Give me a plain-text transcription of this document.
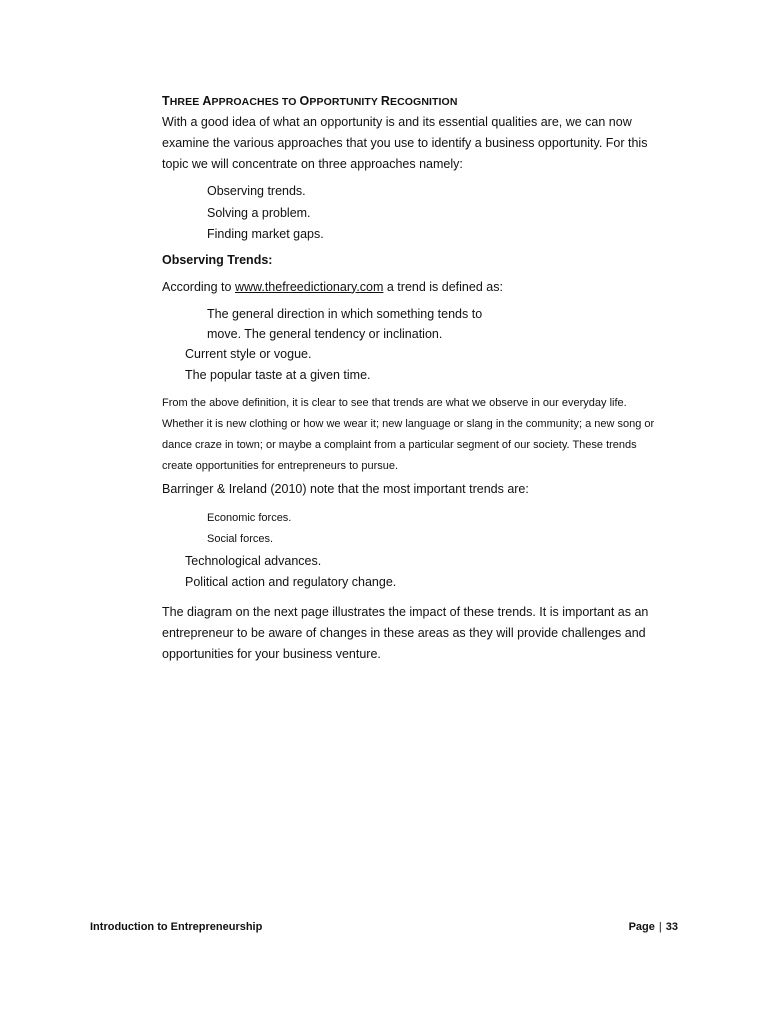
THREE APPROACHES TO OPPORTUNITY RECOGNITION

With a good idea of what an opportunity is and its essential qualities are, we can now examine the various approaches that you use to identify a business opportunity. For this topic we will concentrate on three approaches namely:

Observing trends.
Solving a problem.
Finding market gaps.
Observing Trends:

According to www.thefreedictionary.com a trend is defined as:

The general direction in which something tends to move. The general tendency or inclination.
Current style or vogue.
The popular taste at a given time.

From the above definition, it is clear to see that trends are what we observe in our everyday life. Whether it is new clothing or how we wear it; new language or slang in the community; a new song or dance craze in town; or maybe a complaint from a particular segment of our society. These trends create opportunities for entrepreneurs to pursue.

Barringer & Ireland (2010) note that the most important trends are:

Economic forces.
Social forces.
Technological advances.
Political action and regulatory change.

The diagram on the next page illustrates the impact of these trends. It is important as an entrepreneur to be aware of changes in these areas as they will provide challenges and opportunities for your business venture.

Introduction to Entrepreneurship	Page | 33
